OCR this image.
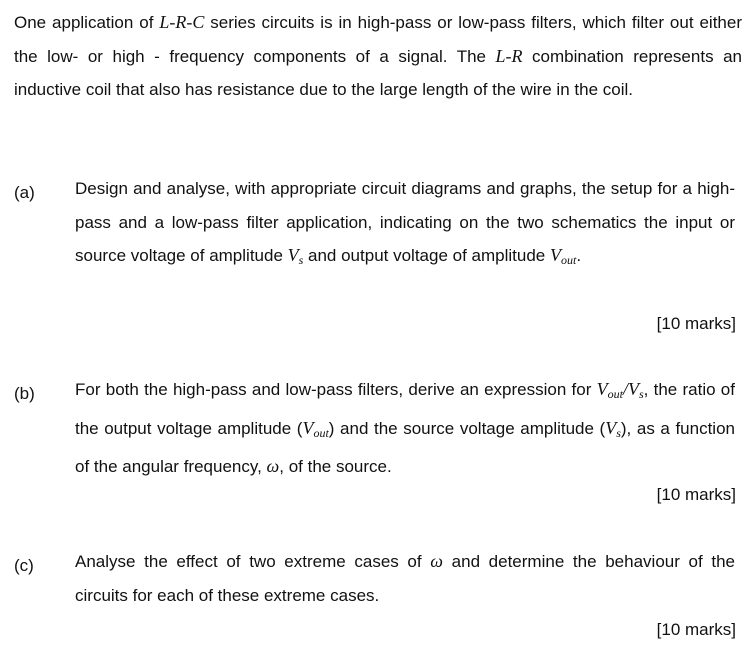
One application of L-R-C series circuits is in high-pass or low-pass filters, which filter out either the low- or high - frequency components of a signal. The L-R combination represents an inductive coil that also has resistance due to the large length of the wire in the coil.
(a) Design and analyse, with appropriate circuit diagrams and graphs, the setup for a high-pass and a low-pass filter application, indicating on the two schematics the input or source voltage of amplitude $V_s$ and output voltage of amplitude $V_{out}$.
[10 marks]
(b) For both the high-pass and low-pass filters, derive an expression for $V_{out}/V_s$, the ratio of the output voltage amplitude $(V_{out})$ and the source voltage amplitude $(V_s)$, as a function of the angular frequency, ω, of the source.
[10 marks]
(c) Analyse the effect of two extreme cases of ω and determine the behaviour of the circuits for each of these extreme cases.
[10 marks]
